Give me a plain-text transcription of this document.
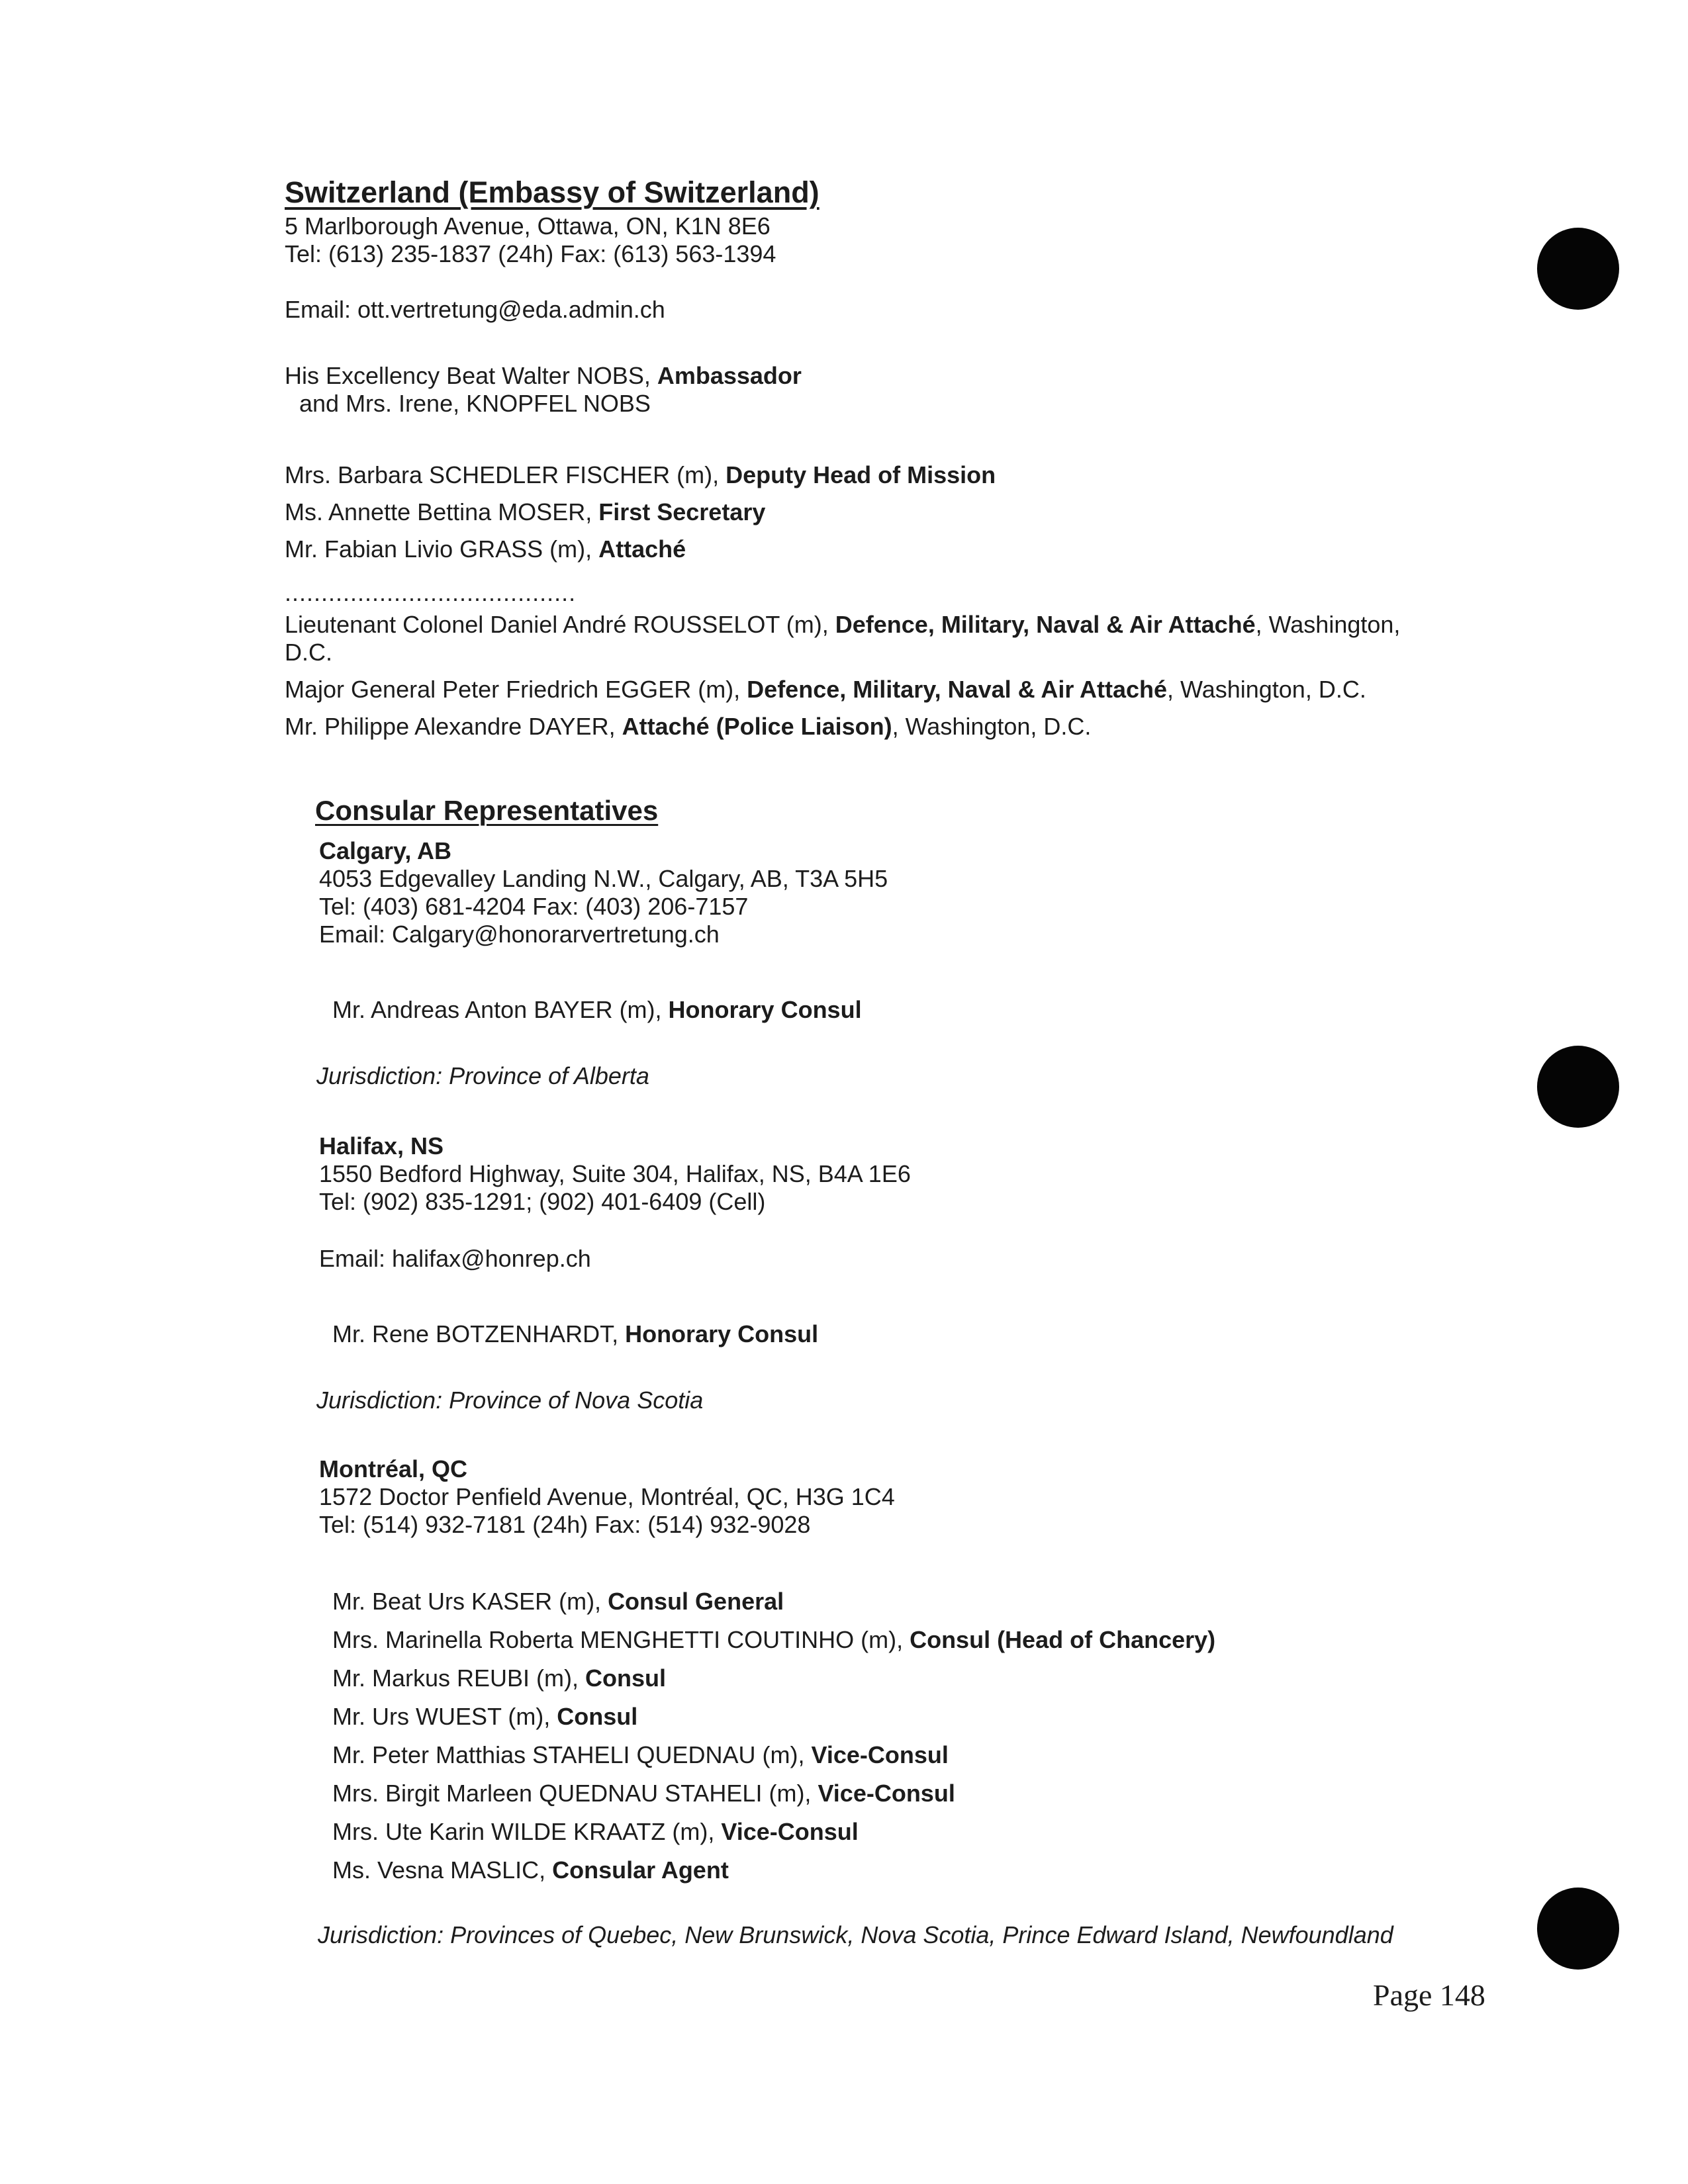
Switzerland (Embassy of Switzerland)

5 Marlborough Avenue, Ottawa, ON, K1N 8E6

Tel: (613) 235-1837 (24h) Fax: (613) 563-1394

Email: ott.vertretung@eda.admin.ch

His Excellency Beat Walter NOBS, Ambassador

and Mrs. Irene, KNOPFEL NOBS

Mrs. Barbara SCHEDLER FISCHER (m), Deputy Head of Mission

Ms. Annette Bettina MOSER, First Secretary

Mr. Fabian Livio GRASS (m), Attaché

........................................

Lieutenant Colonel Daniel André ROUSSELOT (m), Defence, Military, Naval & Air Attaché, Washington,

D.C.

Major General Peter Friedrich EGGER (m), Defence, Military, Naval & Air Attaché, Washington, D.C.

Mr. Philippe Alexandre DAYER, Attaché (Police Liaison), Washington, D.C.

Consular Representatives

Calgary, AB

4053 Edgevalley Landing N.W., Calgary, AB, T3A 5H5

Tel: (403) 681-4204 Fax: (403) 206-7157

Email: Calgary@honorarvertretung.ch

Mr. Andreas Anton BAYER (m), Honorary Consul

Jurisdiction: Province of Alberta

Halifax, NS

1550 Bedford Highway, Suite 304, Halifax, NS, B4A 1E6

Tel: (902) 835-1291; (902) 401-6409 (Cell)

Email: halifax@honrep.ch

Mr. Rene BOTZENHARDT, Honorary Consul

Jurisdiction: Province of Nova Scotia

Montréal, QC

1572 Doctor Penfield Avenue, Montréal, QC, H3G 1C4

Tel: (514) 932-7181 (24h) Fax: (514) 932-9028

Mr. Beat Urs KASER (m), Consul General

Mrs. Marinella Roberta MENGHETTI COUTINHO (m), Consul (Head of Chancery)

Mr. Markus REUBI (m), Consul

Mr. Urs WUEST (m), Consul

Mr. Peter Matthias STAHELI QUEDNAU (m), Vice-Consul

Mrs. Birgit Marleen QUEDNAU STAHELI (m), Vice-Consul

Mrs. Ute Karin WILDE KRAATZ (m), Vice-Consul

Ms. Vesna MASLIC, Consular Agent

Jurisdiction: Provinces of Quebec, New Brunswick, Nova Scotia, Prince Edward Island, Newfoundland

Page 148
